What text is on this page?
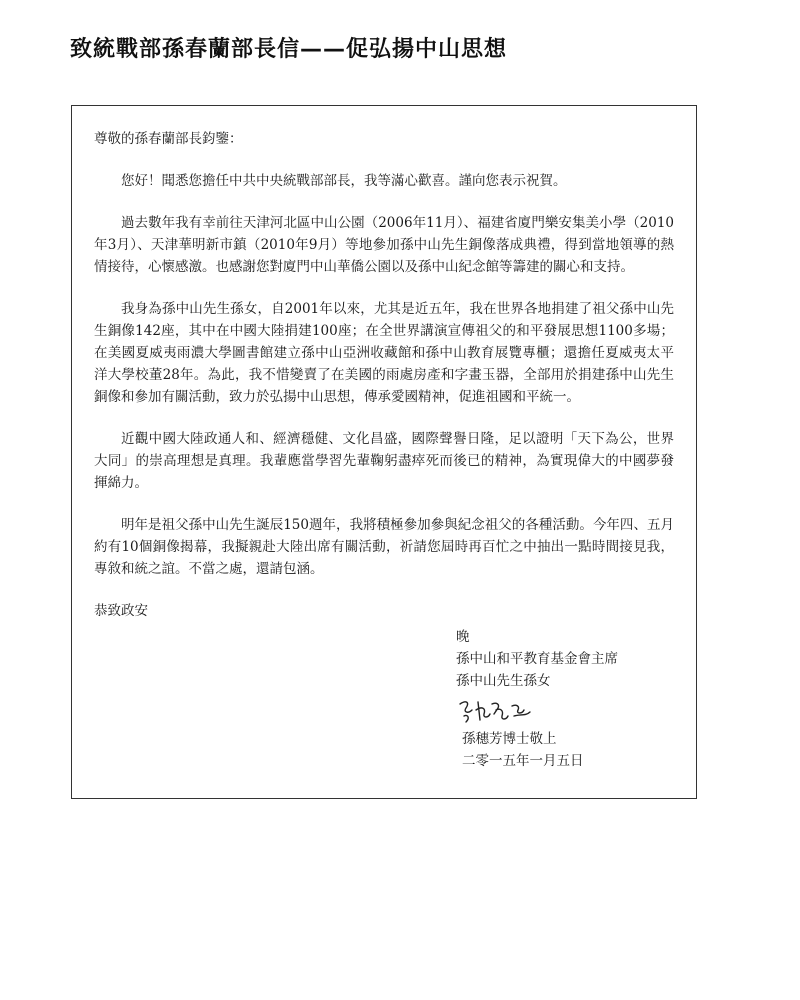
致統戰部孫春蘭部長信——促弘揚中山思想

尊敬的孫春蘭部長鈞鑒：

您好！聞悉您擔任中共中央統戰部部長，我等滿心歡喜。謹向您表示祝賀。

過去數年我有幸前往天津河北區中山公園（2006年11月）、福建省廈門樂安集美小學（2010年3月）、天津華明新市鎮（2010年9月）等地參加孫中山先生銅像落成典禮，得到當地領導的熱情接待，心懷感激。也感謝您對廈門中山華僑公園以及孫中山紀念館等籌建的關心和支持。

我身為孫中山先生孫女，自2001年以來，尤其是近五年，我在世界各地捐建了祖父孫中山先生銅像142座，其中在中國大陸捐建100座；在全世界講演宣傳祖父的和平發展思想1100多場；在美國夏威夷雨濃大學圖書館建立孫中山亞洲收藏館和孫中山教育展覽專櫃；還擔任夏威夷太平洋大學校董28年。為此，我不惜變賣了在美國的雨處房產和字畫玉器，全部用於捐建孫中山先生銅像和參加有關活動，致力於弘揚中山思想，傳承愛國精神，促進祖國和平統一。

近觀中國大陸政通人和、經濟穩健、文化昌盛，國際聲譽日隆，足以證明「天下為公，世界大同」的崇高理想是真理。我輩應當學習先輩鞠躬盡瘁死而後已的精神，為實現偉大的中國夢發揮綿力。

明年是祖父孫中山先生誕辰150週年，我將積極參加參與紀念祖父的各種活動。今年四、五月約有10個銅像揭幕，我擬親赴大陸出席有關活動，祈請您屆時再百忙之中抽出一點時間接見我，專敘和統之誼。不當之處，還請包涵。

恭致政安

晚
孫中山和平教育基金會主席
孫中山先生孫女
孫穗芳博士敬上
二零一五年一月五日
